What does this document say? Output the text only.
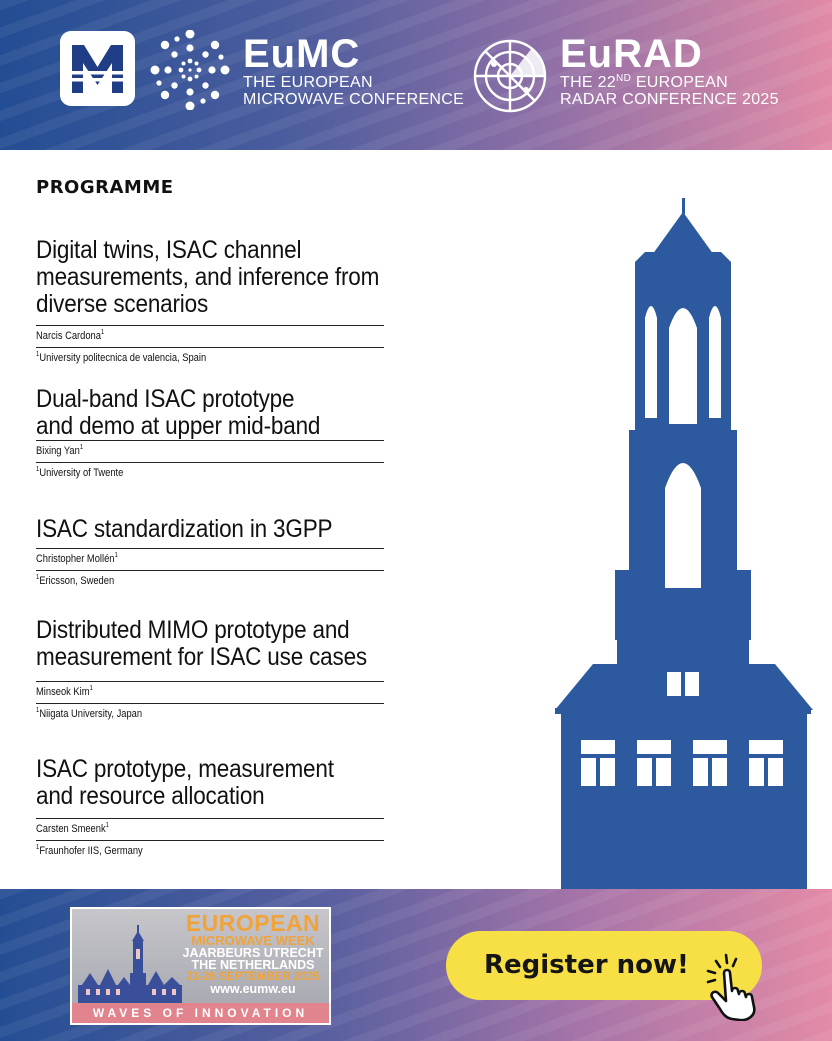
EuMC
THE EUROPEAN
MICROWAVE CONFERENCE
EuRAD
THE 22ND EUROPEAN
RADAR CONFERENCE 2025
PROGRAMME
Digital twins, ISAC channel measurements, and inference from diverse scenarios
Narcis Cardona$^1$
$^1$University politecnica de valencia, Spain
Dual-band ISAC prototype and demo at upper mid-band
Bixing Yan$^1$
$^1$University of Twente
ISAC standardization in 3GPP
Christopher Mollén$^1$
$^1$Ericsson, Sweden
Distributed MIMO prototype and measurement for ISAC use cases
Minseok Kim$^1$
$^1$Niigata University, Japan
ISAC prototype, measurement and resource allocation
Carsten Smeenk$^1$
$^1$Fraunhofer IIS, Germany
EUROPEAN
MICROWAVE WEEK
JAARBEURS UTRECHT
THE NETHERLANDS
21-26 SEPTEMBER 2025
www.eumw.eu
WAVES OF INNOVATION
Register now!
